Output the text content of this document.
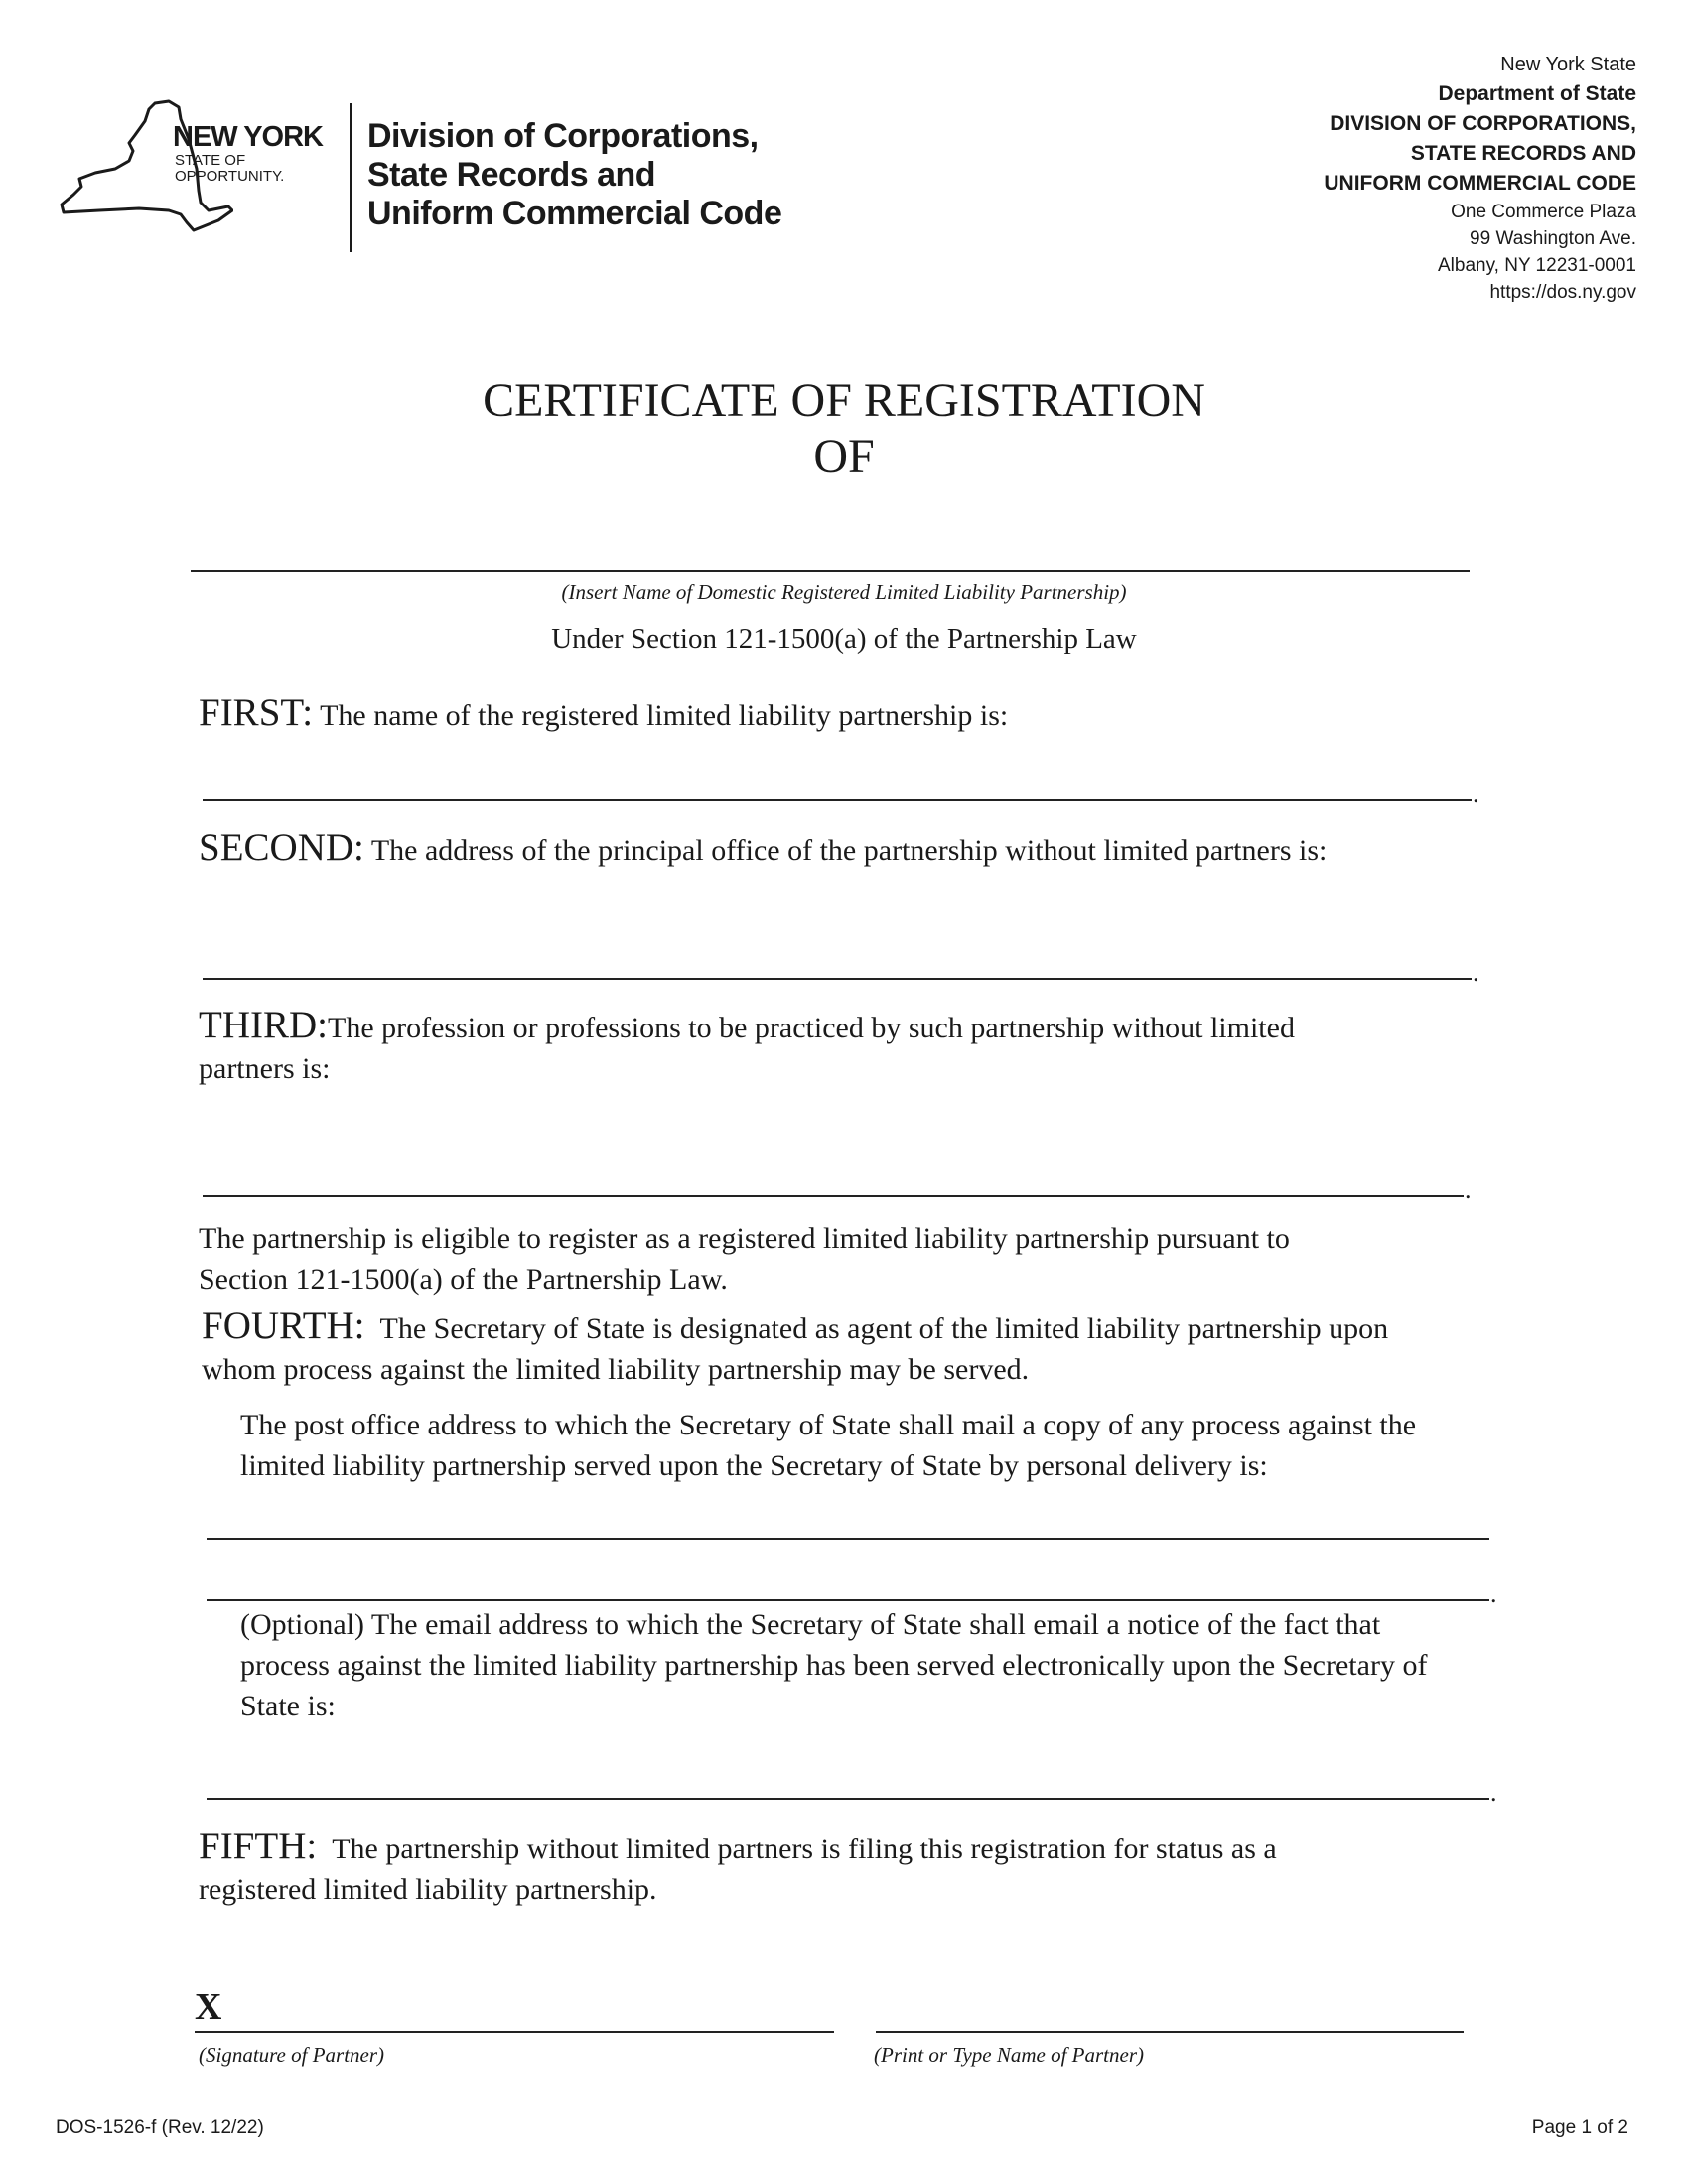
NEW YORK
STATE OF
OPPORTUNITY.
Division of Corporations,
State Records and
Uniform Commercial Code
New York State
Department of State
DIVISION OF CORPORATIONS,
STATE RECORDS AND
UNIFORM COMMERCIAL CODE
One Commerce Plaza
99 Washington Ave.
Albany, NY 12231-0001
https://dos.ny.gov
CERTIFICATE OF REGISTRATION
OF
(Insert Name of Domestic Registered Limited Liability Partnership)
Under Section 121-1500(a) of the Partnership Law
FIRST: The name of the registered limited liability partnership is:
.
SECOND: The address of the principal office of the partnership without limited partners is:
.
THIRD:The profession or professions to be practiced by such partnership without limited
partners is:
.
The partnership is eligible to register as a registered limited liability partnership pursuant to
Section 121-1500(a) of the Partnership Law.
FOURTH: The Secretary of State is designated as agent of the limited liability partnership upon
whom process against the limited liability partnership may be served.
The post office address to which the Secretary of State shall mail a copy of any process against the
limited liability partnership served upon the Secretary of State by personal delivery is:
.
(Optional) The email address to which the Secretary of State shall email a notice of the fact that
process against the limited liability partnership has been served electronically upon the Secretary of
State is:
.
FIFTH: The partnership without limited partners is filing this registration for status as a
registered limited liability partnership.
X
(Signature of Partner)	(Print or Type Name of Partner)
DOS-1526-f (Rev. 12/22)	Page 1 of 2
